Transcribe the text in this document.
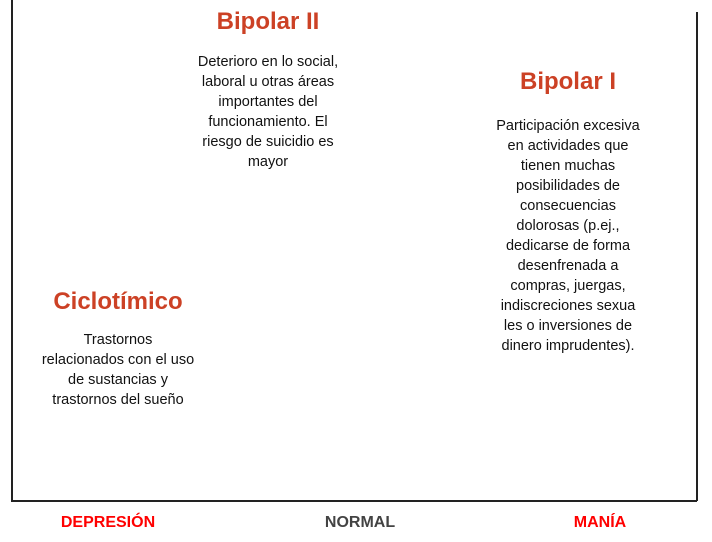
Bipolar II

Deterioro en lo social,
laboral u otras áreas
importantes del
funcionamiento. El
riesgo de suicidio es
mayor

Bipolar I

Participación excesiva
en actividades que
tienen muchas
posibilidades de
consecuencias
dolorosas (p.ej.,
dedicarse de forma
desenfrenada a
compras, juergas,
indiscreciones sexua
les o inversiones de
dinero imprudentes).

Ciclotímico

Trastornos
relacionados con el uso
de sustancias y
trastornos del sueño

DEPRESIÓN	NORMAL	MANÍA
